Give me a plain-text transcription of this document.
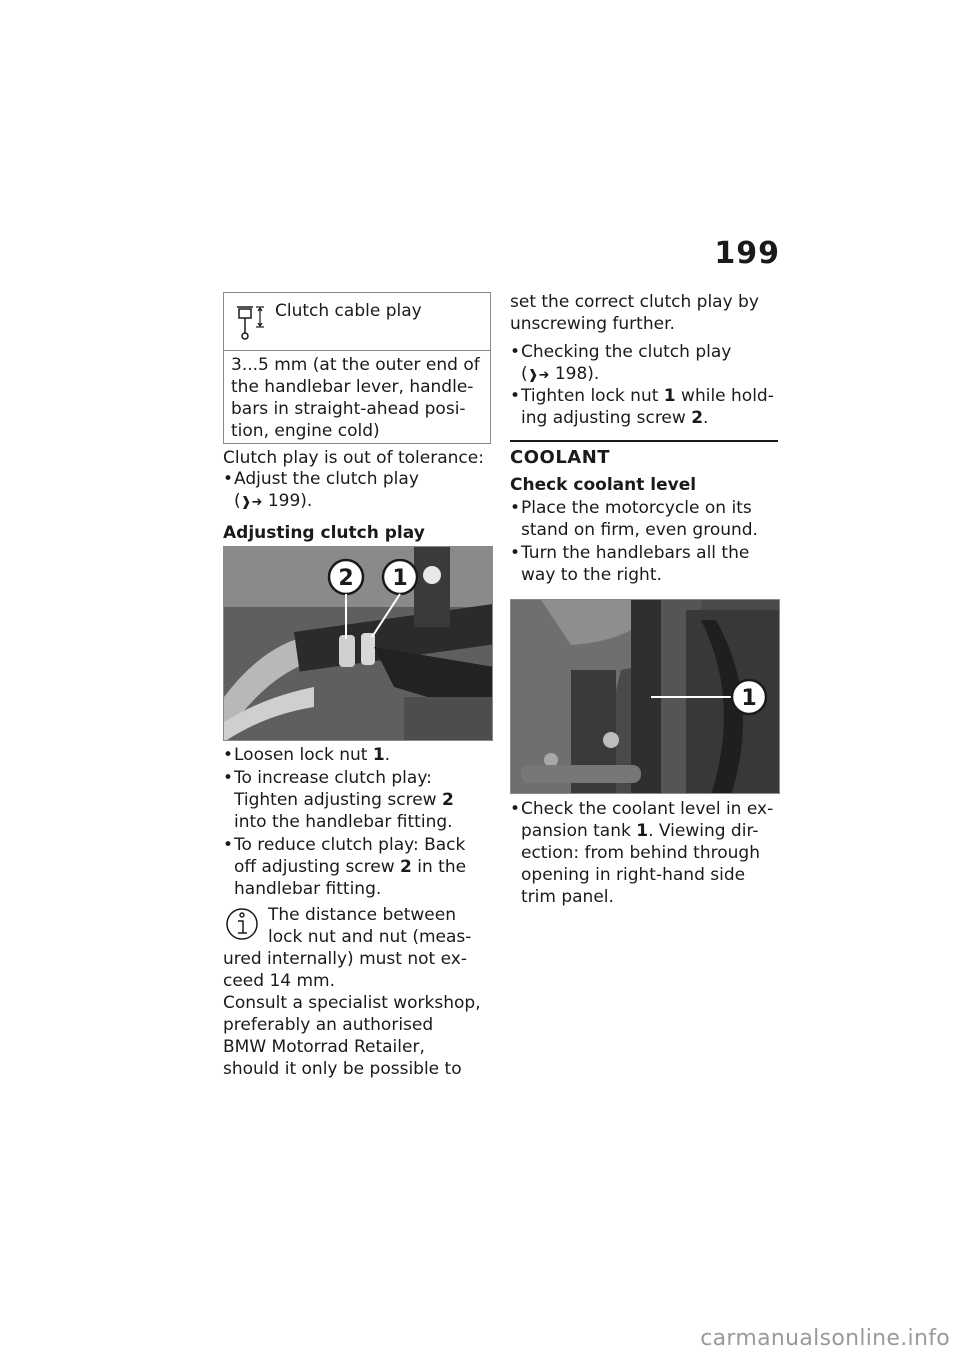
199
Clutch cable play
3...5 mm (at the outer end of
the handlebar lever, handle-
bars in straight-ahead posi-
tion, engine cold)
Clutch play is out of tolerance:
• Adjust the clutch play
(❱➜ 199).
Adjusting clutch play
2 1
• Loosen lock nut 1.
• To increase clutch play:
Tighten adjusting screw 2
into the handlebar fitting.
• To reduce clutch play: Back
off adjusting screw 2 in the
handlebar fitting.
The distance between
lock nut and nut (meas-
ured internally) must not ex-
ceed 14 mm.
Consult a specialist workshop,
preferably an authorised
BMW Motorrad Retailer,
should it only be possible to
set the correct clutch play by
unscrewing further.
• Checking the clutch play
(❱➜ 198).
• Tighten lock nut 1 while hold-
ing adjusting screw 2.
COOLANT
Check coolant level
• Place the motorcycle on its
stand on firm, even ground.
• Turn the handlebars all the
way to the right.
1
• Check the coolant level in ex-
pansion tank 1. Viewing dir-
ection: from behind through
opening in right-hand side
trim panel.
carmanualsonline.info
